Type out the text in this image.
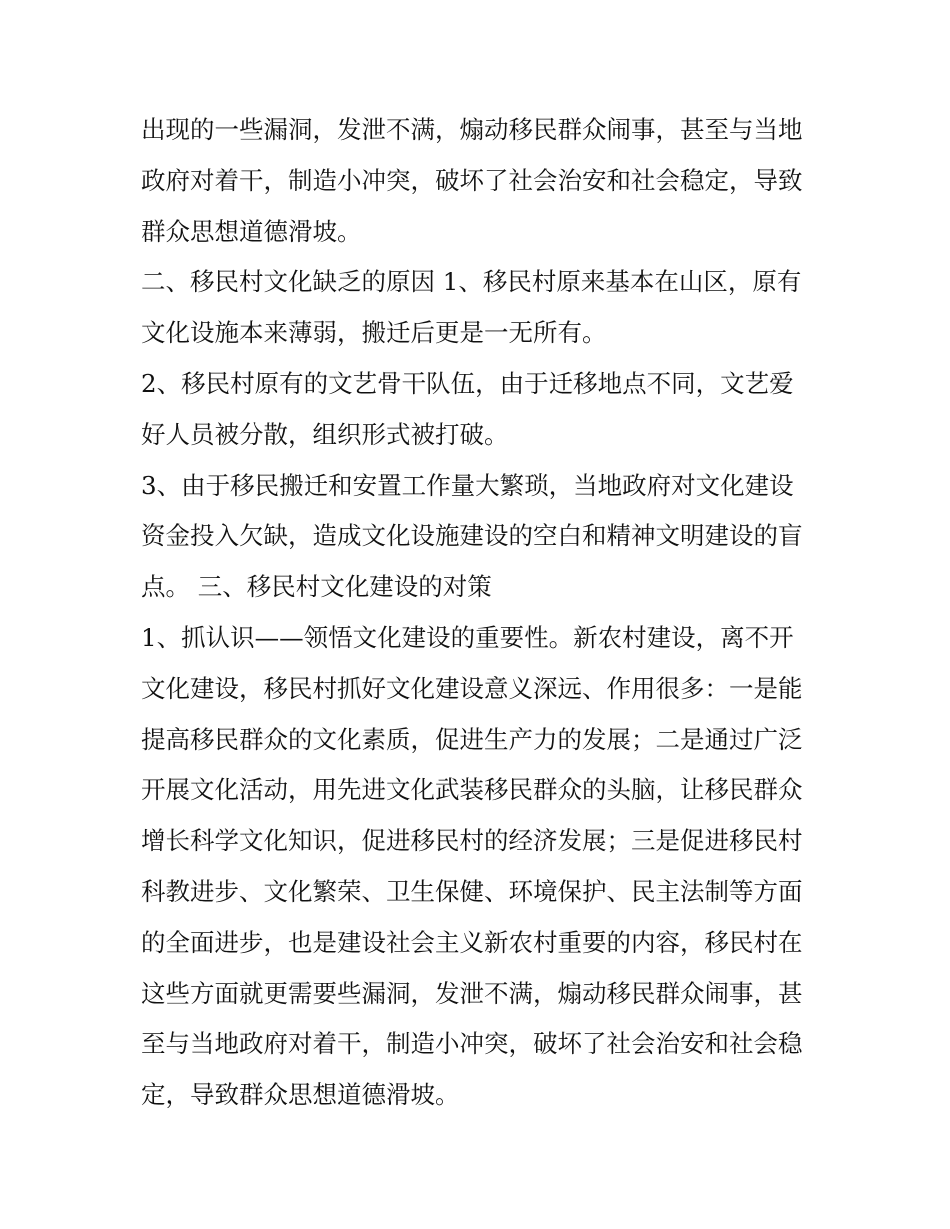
出现的一些漏洞，发泄不满，煽动移民群众闹事，甚至与当地
政府对着干，制造小冲突，破坏了社会治安和社会稳定，导致
群众思想道德滑坡。

二、移民村文化缺乏的原因 1、移民村原来基本在山区，原有
文化设施本来薄弱，搬迁后更是一无所有。

2、移民村原有的文艺骨干队伍，由于迁移地点不同，文艺爱
好人员被分散，组织形式被打破。

3、由于移民搬迁和安置工作量大繁琐，当地政府对文化建设
资金投入欠缺，造成文化设施建设的空白和精神文明建设的盲
点。 三、移民村文化建设的对策

1、抓认识——领悟文化建设的重要性。新农村建设，离不开
文化建设，移民村抓好文化建设意义深远、作用很多：一是能
提高移民群众的文化素质，促进生产力的发展；二是通过广泛
开展文化活动，用先进文化武装移民群众的头脑，让移民群众
增长科学文化知识，促进移民村的经济发展；三是促进移民村
科教进步、文化繁荣、卫生保健、环境保护、民主法制等方面
的全面进步，也是建设社会主义新农村重要的内容，移民村在
这些方面就更需要些漏洞，发泄不满，煽动移民群众闹事，甚
至与当地政府对着干，制造小冲突，破坏了社会治安和社会稳
定，导致群众思想道德滑坡。
